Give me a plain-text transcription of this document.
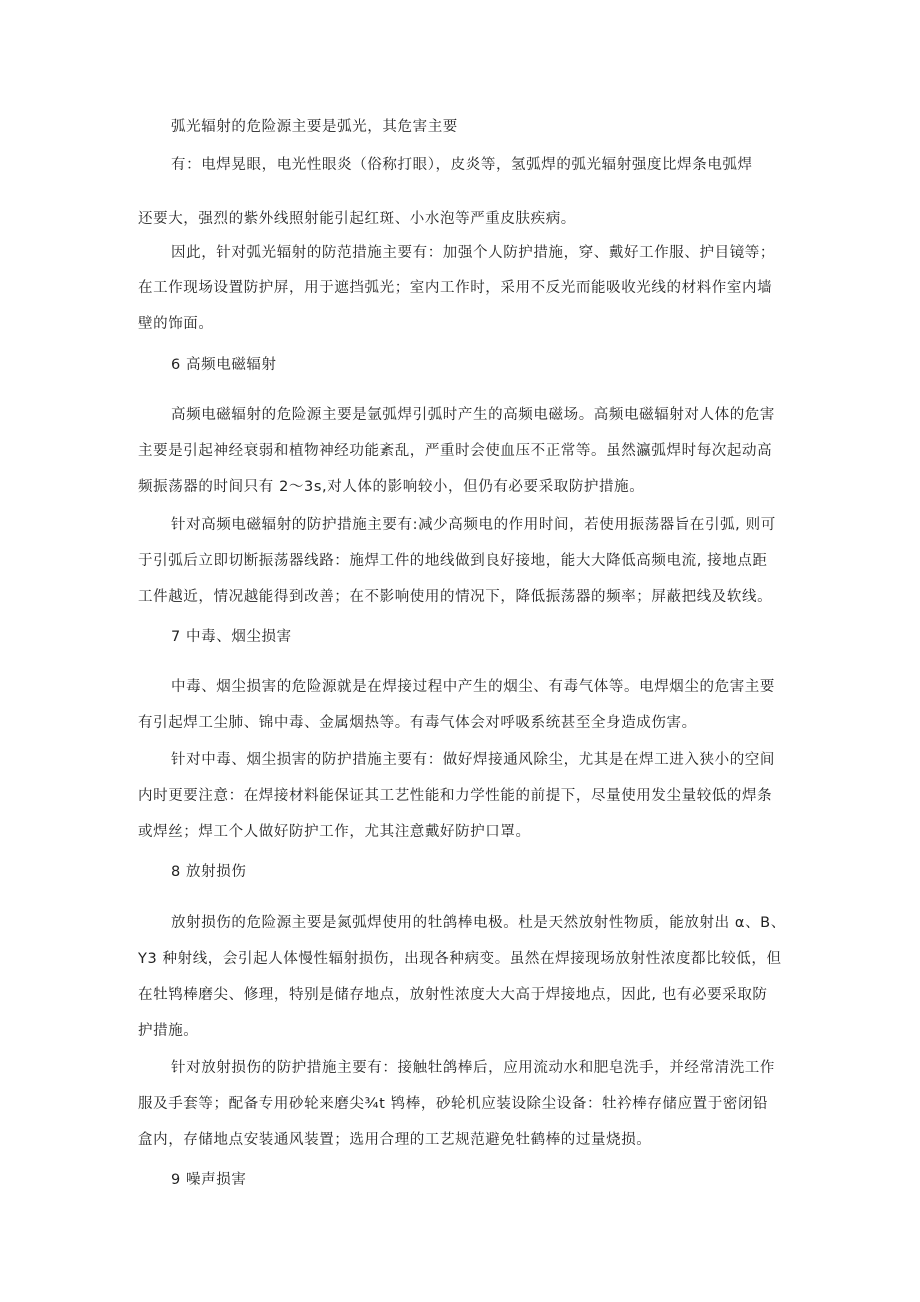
弧光辐射的危险源主要是弧光，其危害主要
有：电焊晃眼，电光性眼炎（俗称打眼），皮炎等，氢弧焊的弧光辐射强度比焊条电弧焊
还要大，强烈的紫外线照射能引起红斑、小水泡等严重皮肤疾病。
因此，针对弧光辐射的防范措施主要有：加强个人防护措施，穿、戴好工作服、护目镜等；
在工作现场设置防护屏，用于遮挡弧光；室内工作时，采用不反光而能吸收光线的材料作室内墙
壁的饰面。
6 高频电磁辐射
高频电磁辐射的危险源主要是氩弧焊引弧时产生的高频电磁场。高频电磁辐射对人体的危害
主要是引起神经衰弱和植物神经功能紊乱，严重时会使血压不正常等。虽然瀛弧焊时每次起动高
频振荡器的时间只有 2～3s,对人体的影响较小，但仍有必要采取防护措施。
针对高频电磁辐射的防护措施主要有:减少高频电的作用时间，若使用振荡器旨在引弧, 则可
于引弧后立即切断振荡器线路：施焊工件的地线做到良好接地，能大大降低高频电流, 接地点距
工件越近，情况越能得到改善；在不影响使用的情况下，降低振荡器的频率；屏蔽把线及软线。
7 中毒、烟尘损害
中毒、烟尘损害的危险源就是在焊接过程中产生的烟尘、有毒气体等。电焊烟尘的危害主要
有引起焊工尘肺、锦中毒、金属烟热等。有毒气体会对呼吸系统甚至全身造成伤害。
针对中毒、烟尘损害的防护措施主要有：做好焊接通风除尘，尤其是在焊工进入狭小的空间
内时更要注意：在焊接材料能保证其工艺性能和力学性能的前提下，尽量使用发尘量较低的焊条
或焊丝；焊工个人做好防护工作，尤其注意戴好防护口罩。
8 放射损伤
放射损伤的危险源主要是氮弧焊使用的牡鸽棒电极。杜是天然放射性物质，能放射出 α、B、
Y3 种射线，会引起人体慢性辐射损伤，出现各种病变。虽然在焊接现场放射性浓度都比较低，但
在牡鸨棒磨尖、修理，特别是储存地点，放射性浓度大大高于焊接地点，因此, 也有必要采取防
护措施。
针对放射损伤的防护措施主要有：接触牡鸽棒后，应用流动水和肥皂洗手，并经常清洗工作
服及手套等；配备专用砂轮来磨尖¾t 鸨棒，砂轮机应装设除尘设备：牡衿棒存储应置于密闭铅
盒内，存储地点安装通风装置；选用合理的工艺规范避免牡鹤棒的过量烧损。
9 噪声损害
